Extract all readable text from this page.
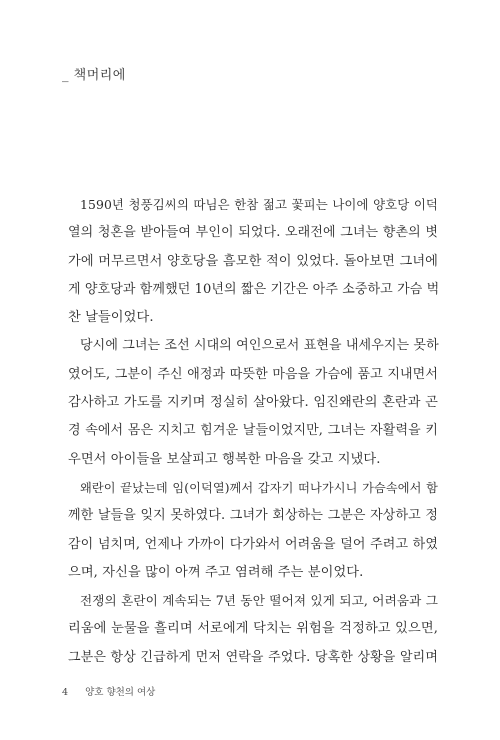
_ 책머리에
1590년 청풍김씨의 따님은 한참 젊고 꽃피는 나이에 양호당 이덕
열의 청혼을 받아들여 부인이 되었다. 오래전에 그녀는 향촌의 볏
가에 머무르면서 양호당을 흠모한 적이 있었다. 돌아보면 그녀에
게 양호당과 함께했던 10년의 짧은 기간은 아주 소중하고 가슴 벅
찬 날들이었다.
당시에 그녀는 조선 시대의 여인으로서 표현을 내세우지는 못하
였어도, 그분이 주신 애정과 따뜻한 마음을 가슴에 품고 지내면서
감사하고 가도를 지키며 정실히 살아왔다. 임진왜란의 혼란과 곤
경 속에서 몸은 지치고 힘겨운 날들이었지만, 그녀는 자활력을 키
우면서 아이들을 보살피고 행복한 마음을 갖고 지냈다.
왜란이 끝났는데 임(이덕열)께서 갑자기 떠나가시니 가슴속에서 함
께한 날들을 잊지 못하였다. 그녀가 회상하는 그분은 자상하고 정
감이 넘치며, 언제나 가까이 다가와서 어려움을 덜어 주려고 하였
으며, 자신을 많이 아껴 주고 염려해 주는 분이었다.
전쟁의 혼란이 계속되는 7년 동안 떨어져 있게 되고, 어려움과 그
리움에 눈물을 흘리며 서로에게 닥치는 위험을 걱정하고 있으면,
그분은 항상 긴급하게 먼저 연락을 주었다. 당혹한 상황을 알리며
4 양호 향천의 여상
